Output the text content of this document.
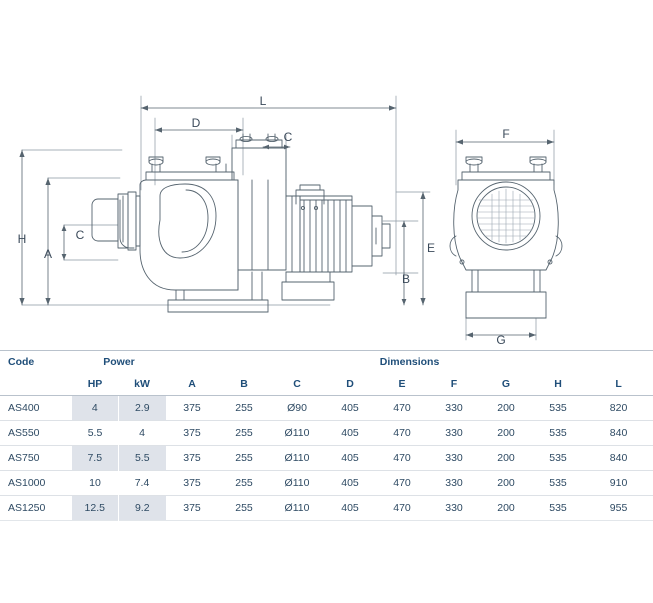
L
D
C
H
A
C
E
B
F
G
Code	Power		Dimensions								
	HP	kW	A	B	C	D	E	F	G	H	L
AS400	4	2.9	375	255	Ø90	405	470	330	200	535	820
AS550	5.5	4	375	255	Ø110	405	470	330	200	535	840
AS750	7.5	5.5	375	255	Ø110	405	470	330	200	535	840
AS1000	10	7.4	375	255	Ø110	405	470	330	200	535	910
AS1250	12.5	9.2	375	255	Ø110	405	470	330	200	535	955
